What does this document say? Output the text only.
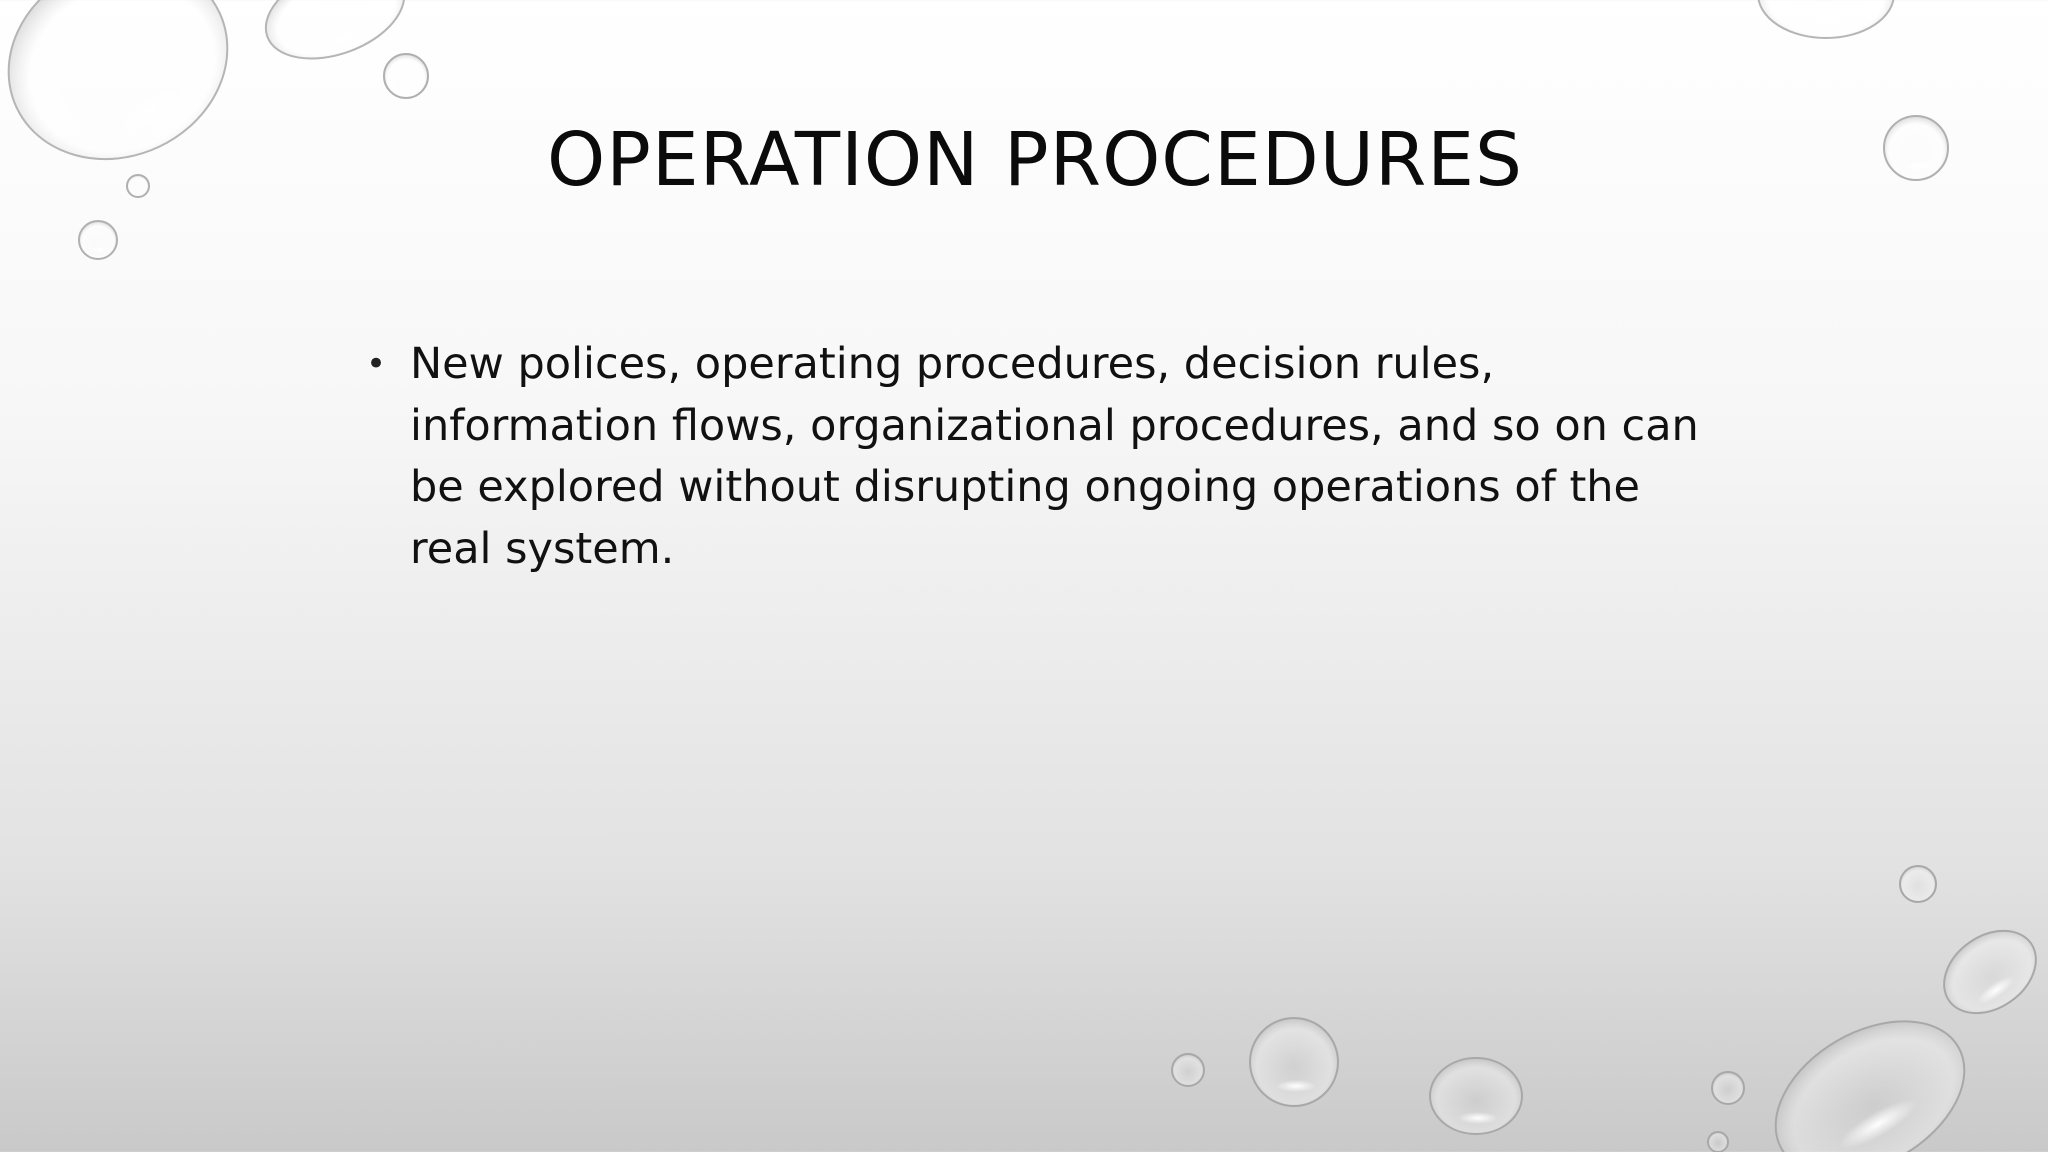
OPERATION PROCEDURES
• New polices, operating procedures, decision rules, information flows, organizational procedures, and so on can be explored without disrupting ongoing operations of the real system.
